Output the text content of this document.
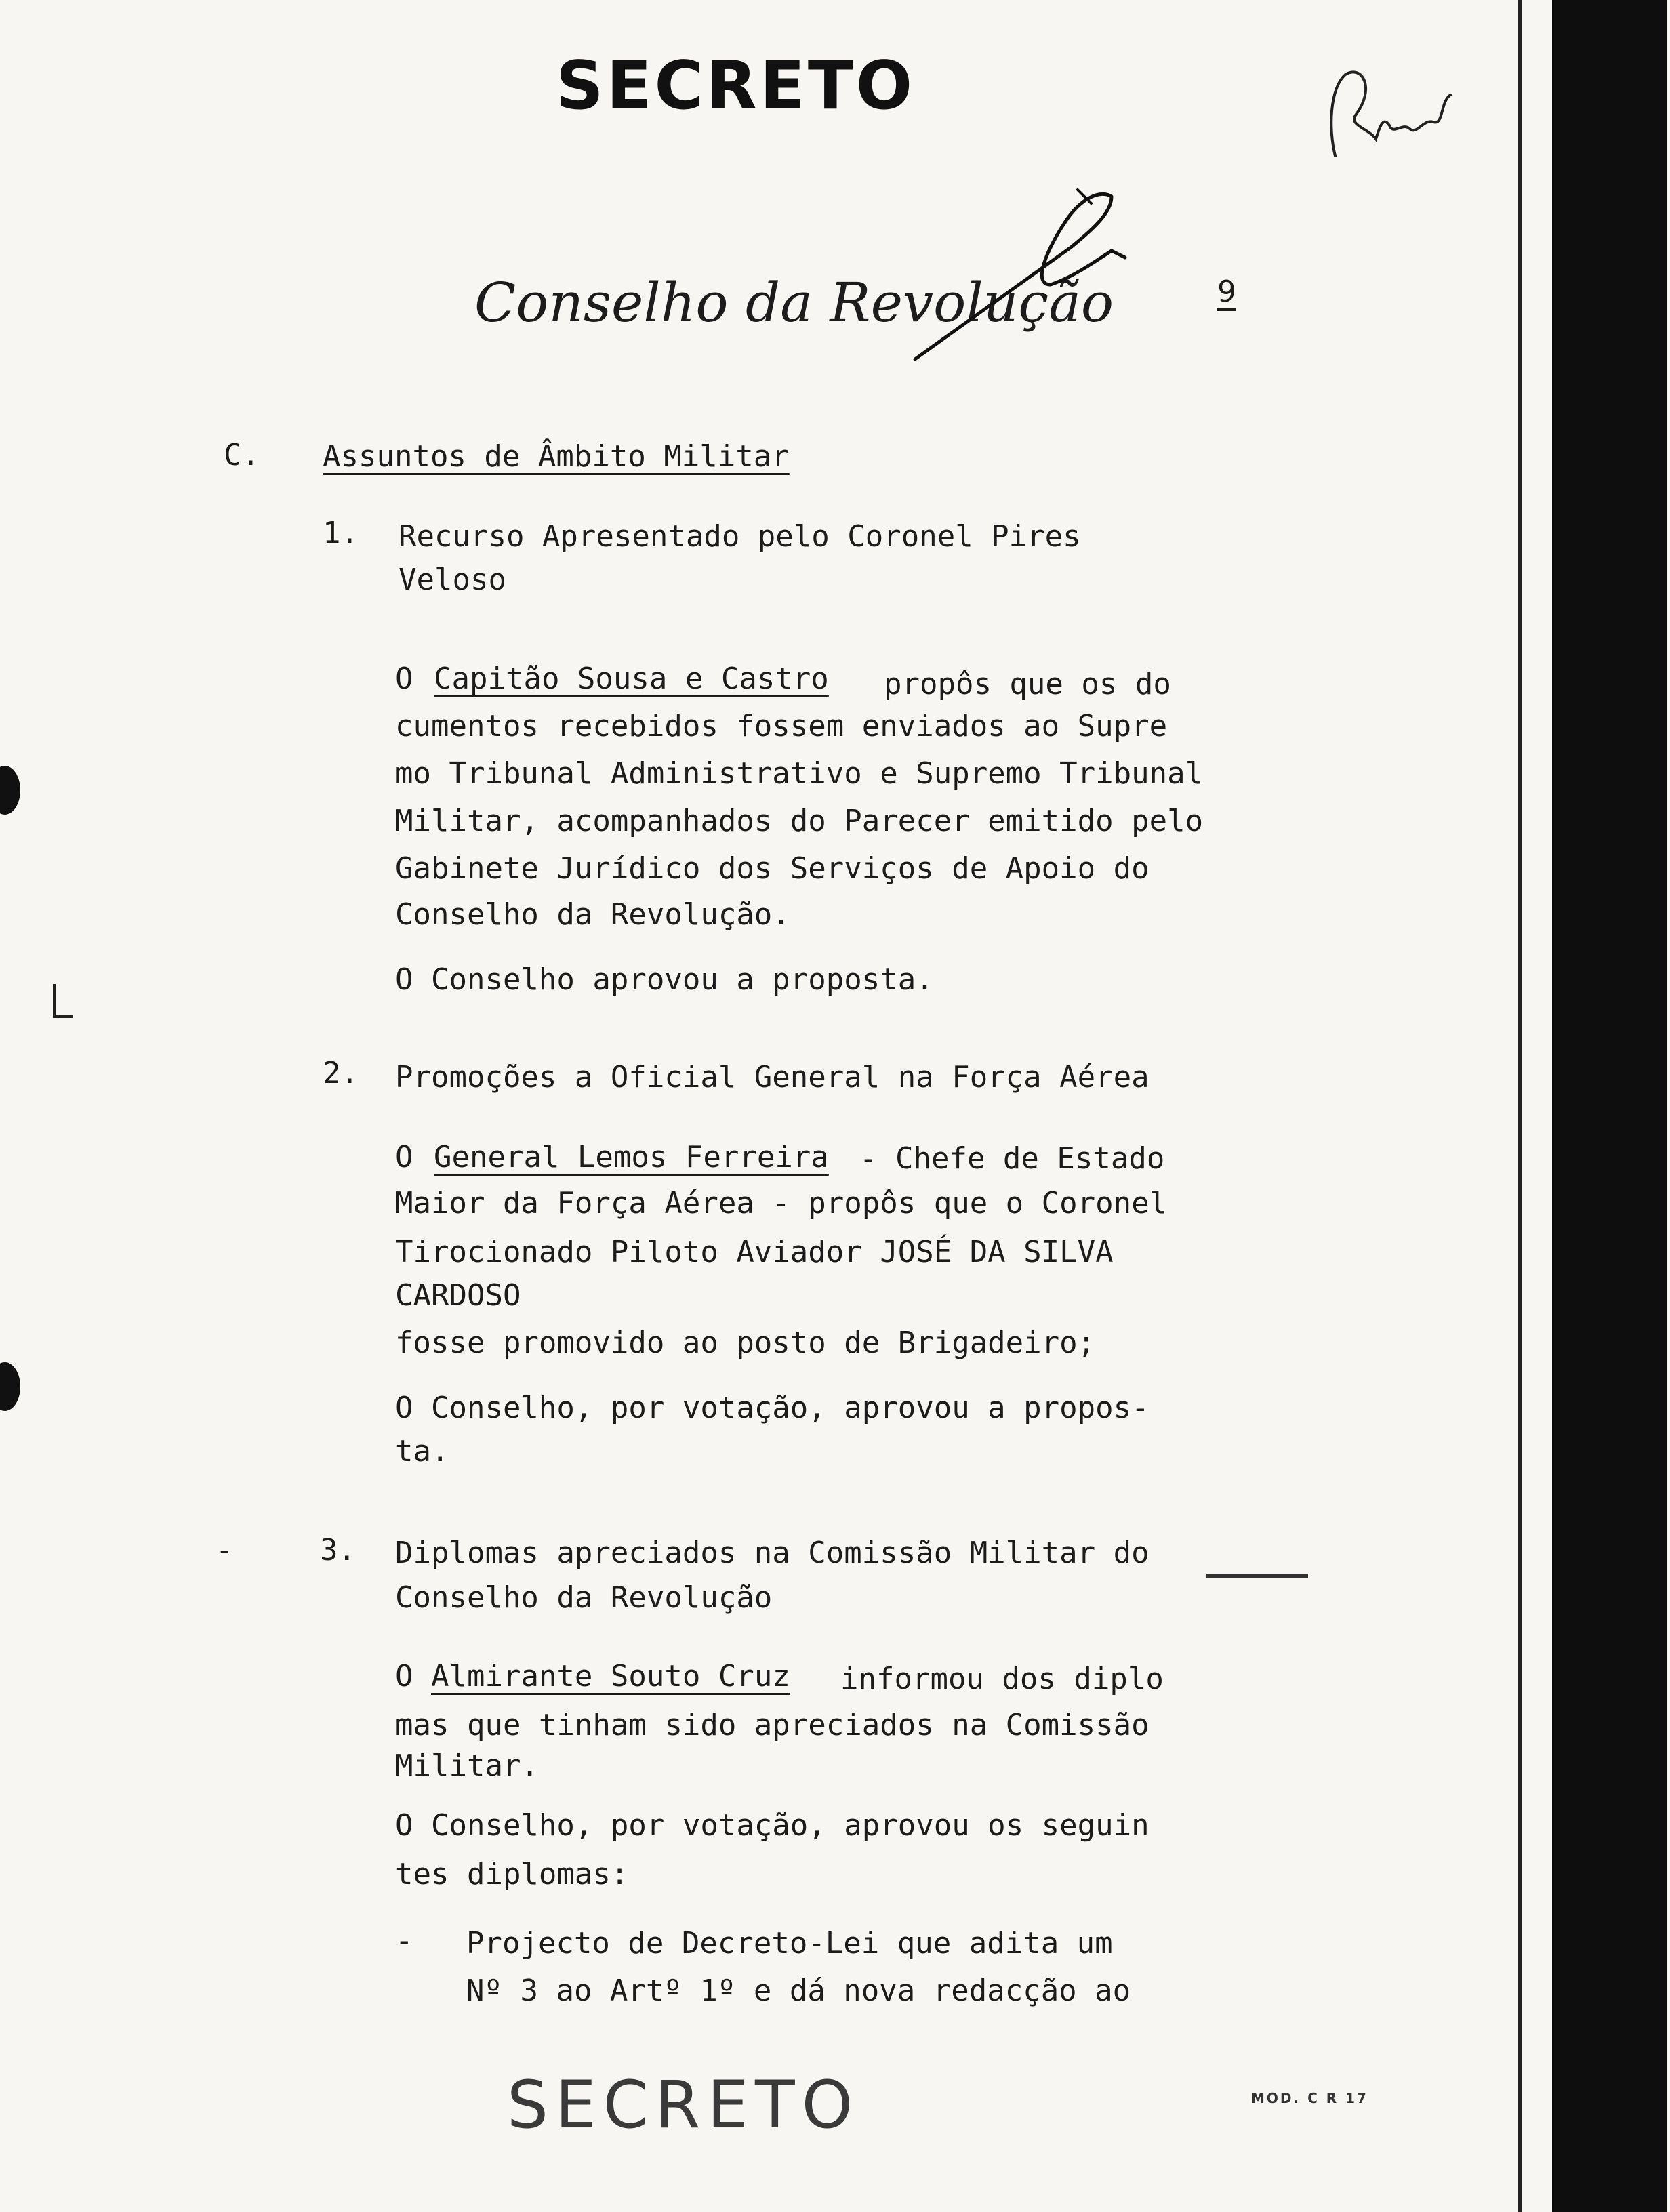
SECRETO
Conselho da Revolução	9
C. Assuntos de Âmbito Militar
1. Recurso Apresentado pelo Coronel Pires
Veloso
O Capitão Sousa e Castro propôs que os do
cumentos recebidos fossem enviados ao Supre
mo Tribunal Administrativo e Supremo Tribunal
Militar, acompanhados do Parecer emitido pelo
Gabinete Jurídico dos Serviços de Apoio do
Conselho da Revolução.
O Conselho aprovou a proposta.
2. Promoções a Oficial General na Força Aérea
O General Lemos Ferreira - Chefe de Estado
Maior da Força Aérea - propôs que o Coronel
Tirocionado Piloto Aviador JOSÉ DA SILVA
CARDOSO
fosse promovido ao posto de Brigadeiro;
O Conselho, por votação, aprovou a propos-
ta.
-	3. Diplomas apreciados na Comissão Militar do
Conselho da Revolução
O Almirante Souto Cruz informou dos diplo
mas que tinham sido apreciados na Comissão
Militar.
O Conselho, por votação, aprovou os seguin
tes diplomas:
- Projecto de Decreto-Lei que adita um
Nº 3 ao Artº 1º e dá nova redacção ao
SECRETO	MOD. C R 17
